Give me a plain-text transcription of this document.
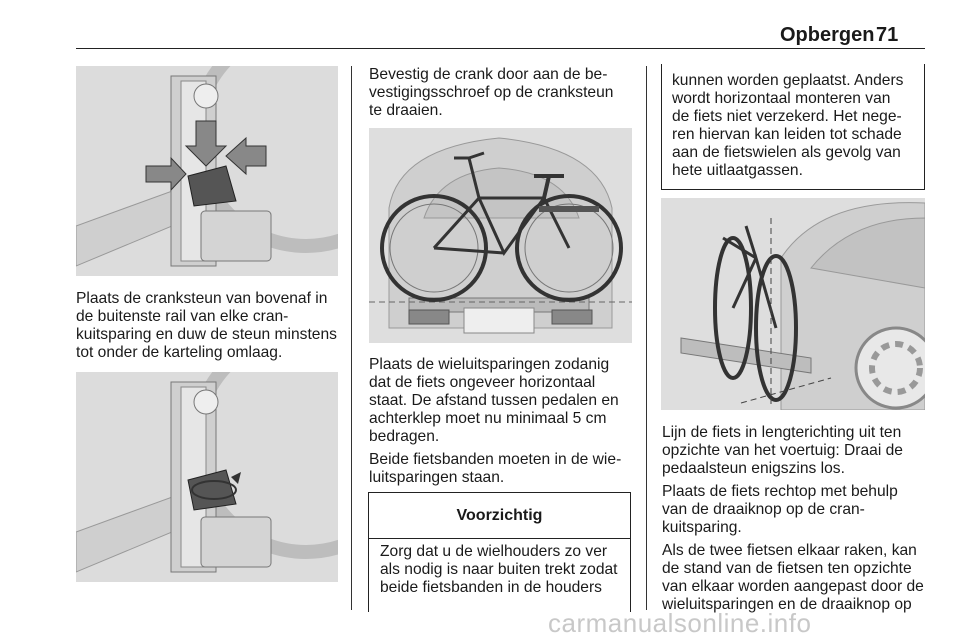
Opbergen 71
Plaats de cranksteun van bovenaf in
de buitenste rail van elke cran-
kuitsparing en duw de steun minstens
tot onder de karteling omlaag.
Bevestig de crank door aan de be-
vestigingsschroef op de cranksteun
te draaien.
Plaats de wieluitsparingen zodanig
dat de fiets ongeveer horizontaal
staat. De afstand tussen pedalen en
achterklep moet nu minimaal 5 cm
bedragen.
Beide fietsbanden moeten in de wie-
luitsparingen staan.
Voorzichtig
Zorg dat u de wielhouders zo ver
als nodig is naar buiten trekt zodat
beide fietsbanden in de houders
kunnen worden geplaatst. Anders
wordt horizontaal monteren van
de fiets niet verzekerd. Het nege-
ren hiervan kan leiden tot schade
aan de fietswielen als gevolg van
hete uitlaatgassen.
Lijn de fiets in lengterichting uit ten
opzichte van het voertuig: Draai de
pedaalsteun enigszins los.
Plaats de fiets rechtop met behulp
van de draaiknop op de cran-
kuitsparing.
Als de twee fietsen elkaar raken, kan
de stand van de fietsen ten opzichte
van elkaar worden aangepast door de
wieluitsparingen en de draaiknop op
carmanualsonline.info
